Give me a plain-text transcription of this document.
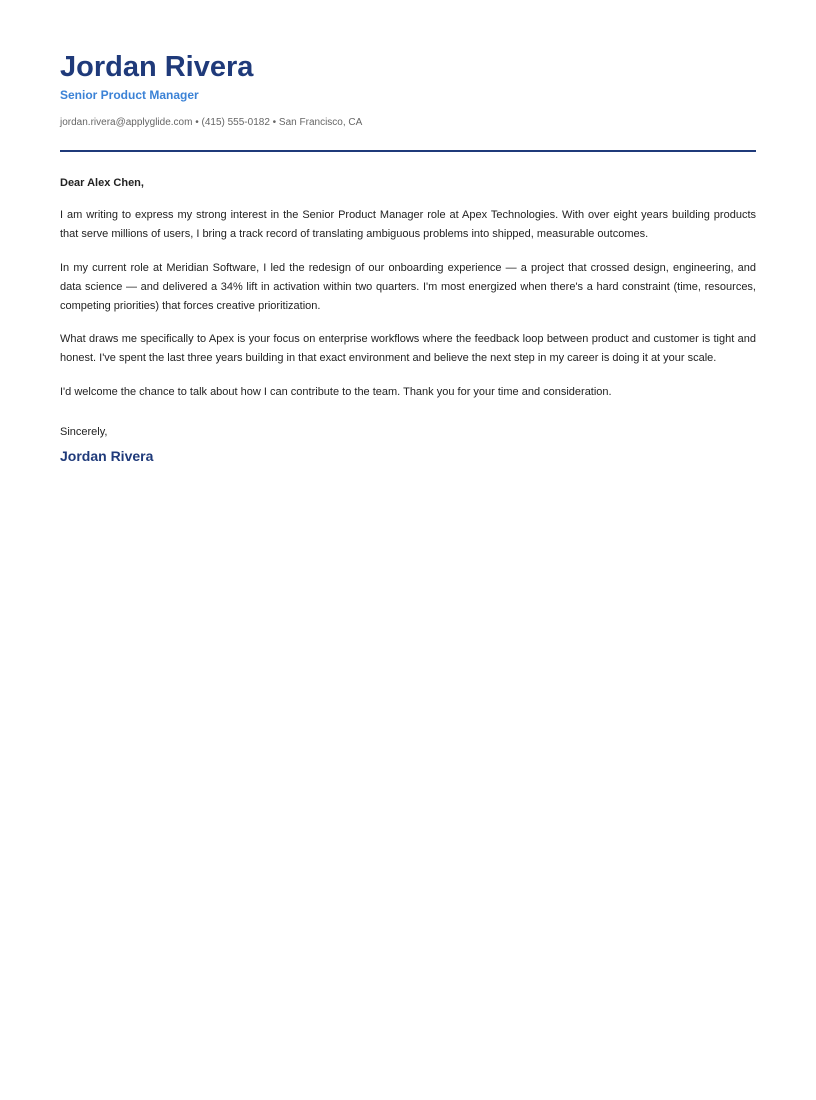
Jordan Rivera
Senior Product Manager
jordan.rivera@applyglide.com • (415) 555-0182 • San Francisco, CA
Dear Alex Chen,

I am writing to express my strong interest in the Senior Product Manager role at Apex Technologies. With over eight years building products that serve millions of users, I bring a track record of translating ambiguous problems into shipped, measurable outcomes.

In my current role at Meridian Software, I led the redesign of our onboarding experience — a project that crossed design, engineering, and data science — and delivered a 34% lift in activation within two quarters. I'm most energized when there's a hard constraint (time, resources, competing priorities) that forces creative prioritization.

What draws me specifically to Apex is your focus on enterprise workflows where the feedback loop between product and customer is tight and honest. I've spent the last three years building in that exact environment and believe the next step in my career is doing it at your scale.

I'd welcome the chance to talk about how I can contribute to the team. Thank you for your time and consideration.

Sincerely,
Jordan Rivera
